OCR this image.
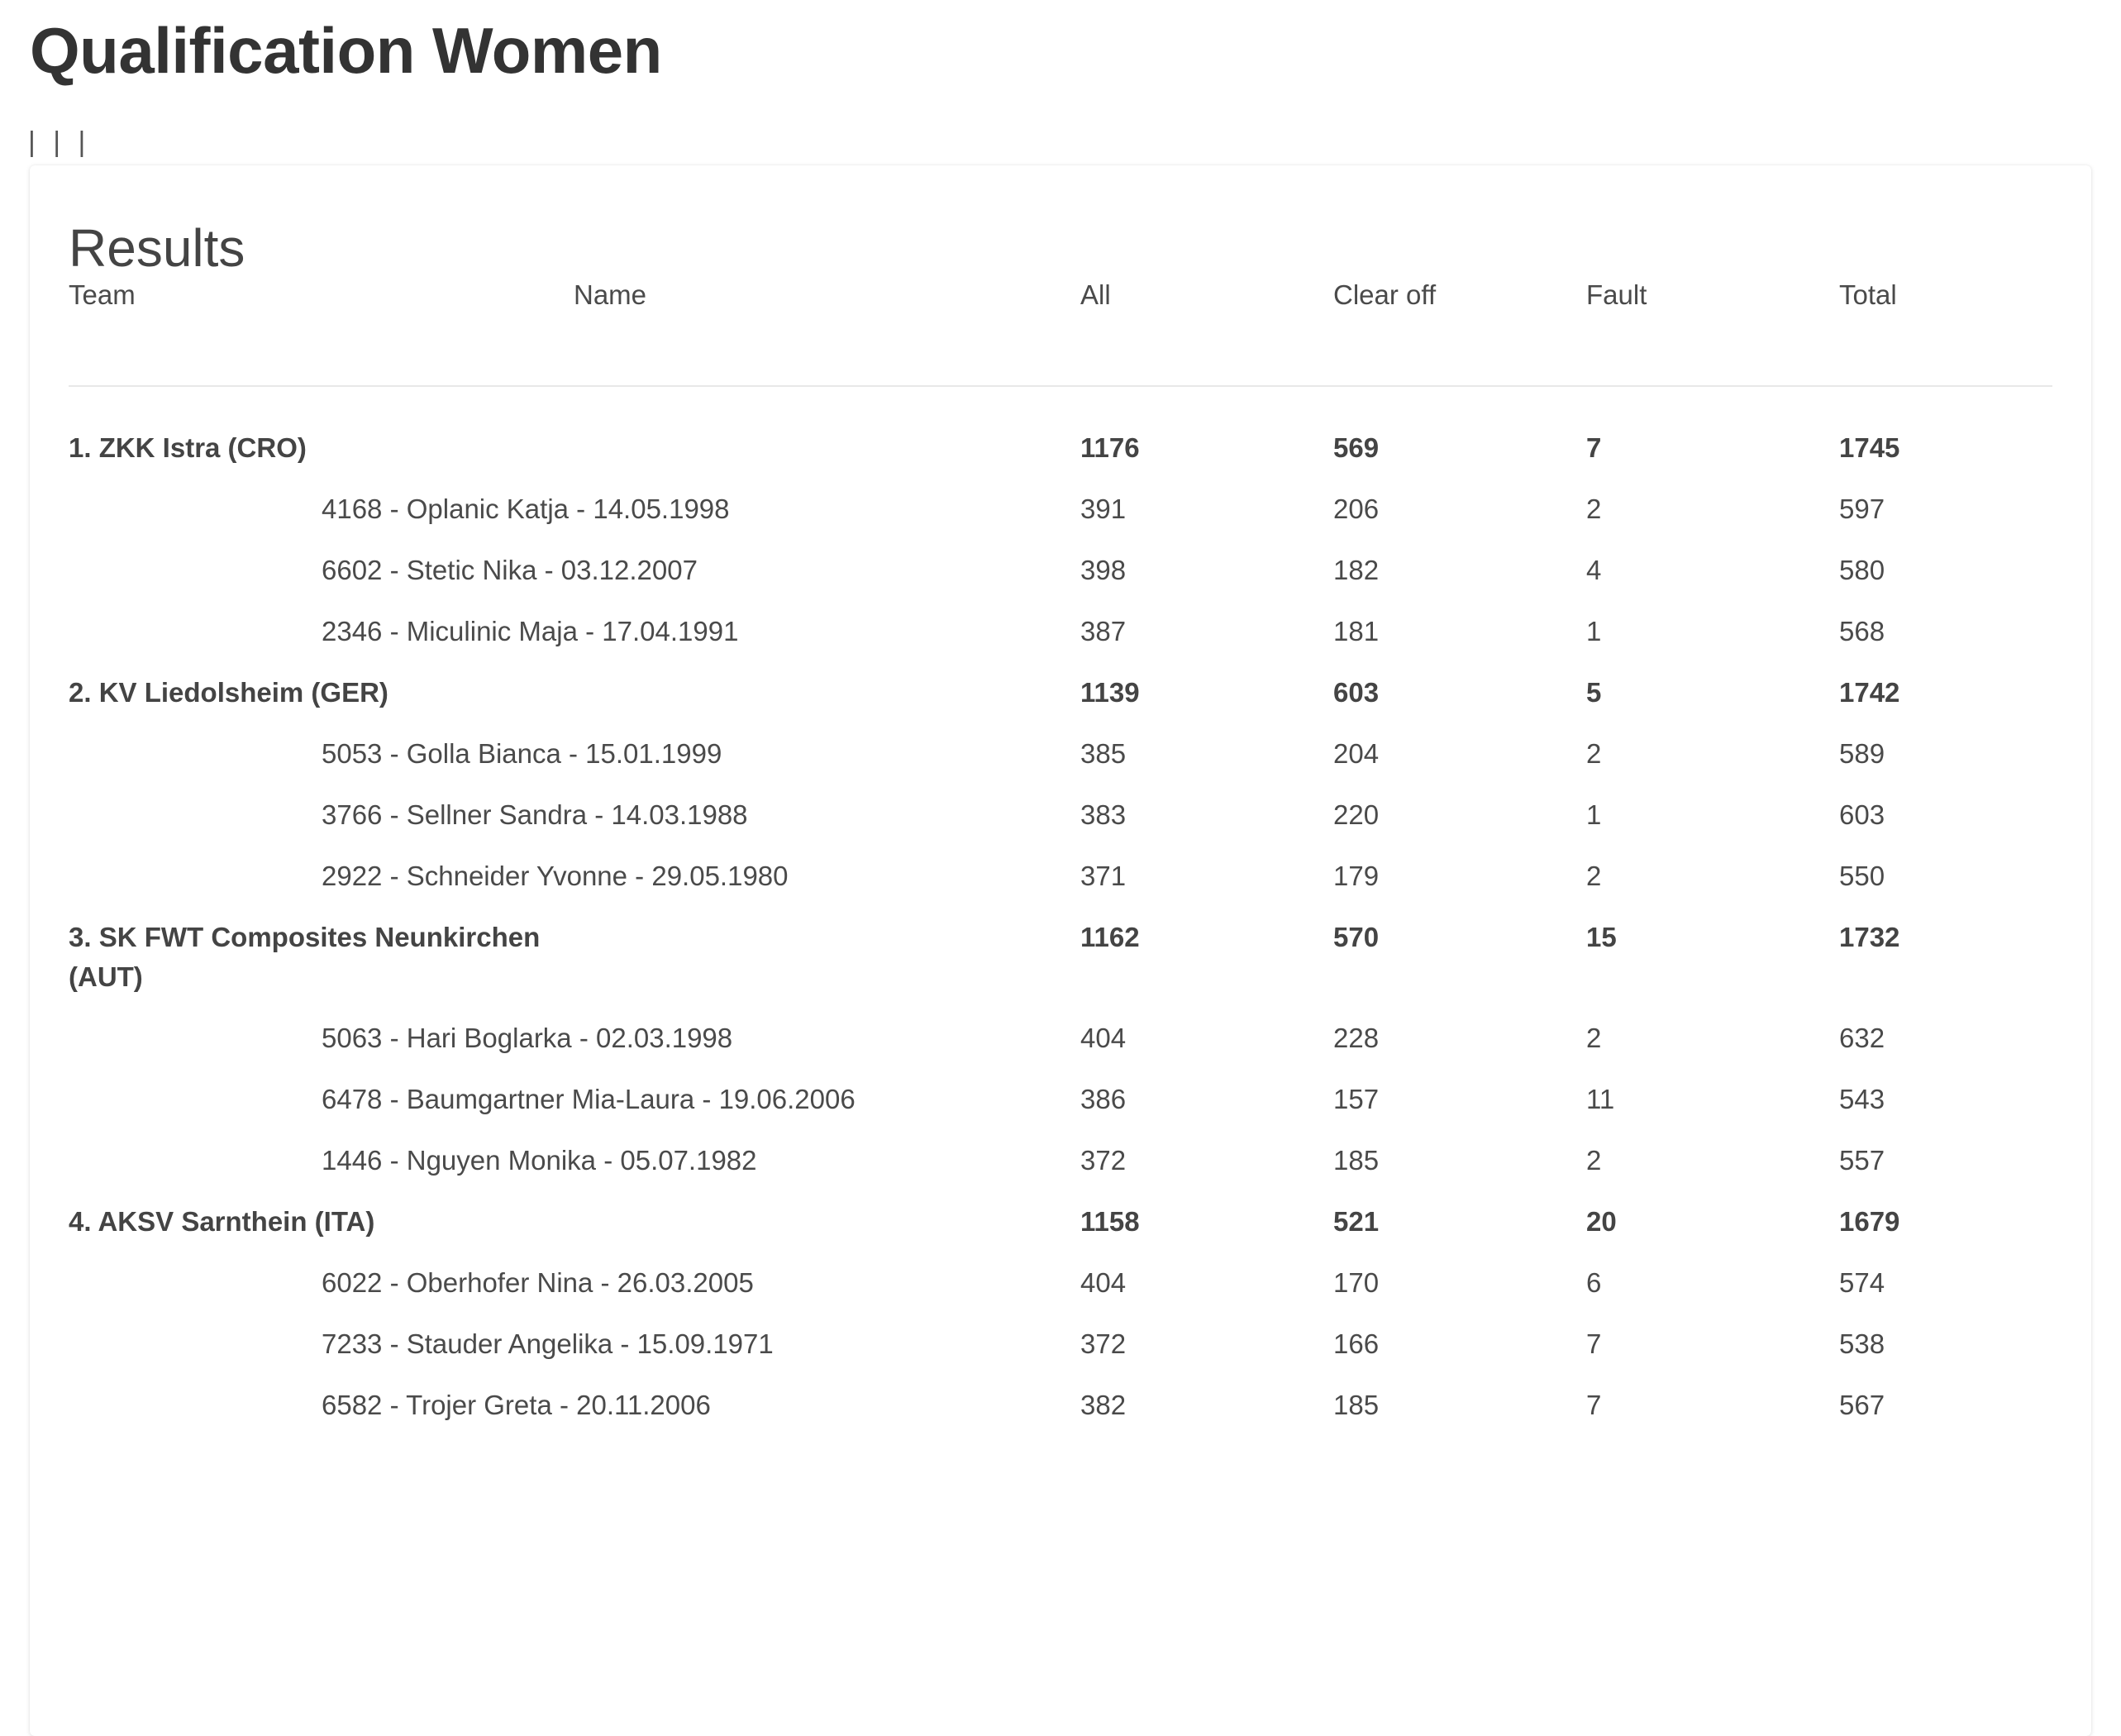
Qualification Women
| | |
Results
Team	Name	All	Clear off	Fault	Total
1. ZKK Istra (CRO)		1176	569	7	1745
	4168 - Oplanic Katja - 14.05.1998	391	206	2	597
	6602 - Stetic Nika - 03.12.2007	398	182	4	580
	2346 - Miculinic Maja - 17.04.1991	387	181	1	568
2. KV Liedolsheim (GER)		1139	603	5	1742
	5053 - Golla Bianca - 15.01.1999	385	204	2	589
	3766 - Sellner Sandra - 14.03.1988	383	220	1	603
	2922 - Schneider Yvonne - 29.05.1980	371	179	2	550
3. SK FWT Composites Neunkirchen (AUT)		1162	570	15	1732
	5063 - Hari Boglarka - 02.03.1998	404	228	2	632
	6478 - Baumgartner Mia-Laura - 19.06.2006	386	157	11	543
	1446 - Nguyen Monika - 05.07.1982	372	185	2	557
4. AKSV Sarnthein (ITA)		1158	521	20	1679
	6022 - Oberhofer Nina - 26.03.2005	404	170	6	574
	7233 - Stauder Angelika - 15.09.1971	372	166	7	538
	6582 - Trojer Greta - 20.11.2006	382	185	7	567
